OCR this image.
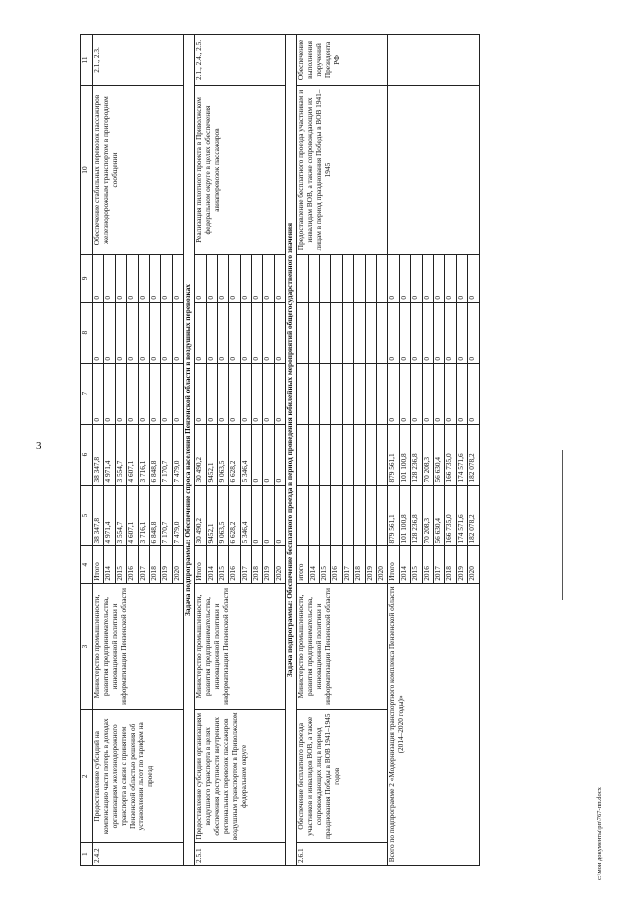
3
c:\мои документы\рп\767-пп.docx
1	2	3	4	5	6	7	8	9	10	11
2.4.2	Предоставление субсидий на компенсацию части потерь в доходах организациям железнодорожного транспорта в связи с принятием Пензенской областью решения об установлении льгот по тарифам на проезд	Министерство промышленности, развития предпринимательства, инновационной политики и информатизации Пензенской области	Итого	38 347,8	38 347,8	0	0	0	Обеспечение стабильных перевозок пассажиров железнодорожным транспортом в пригородном сообщении	2.1., 2.3.
			2014	4 971,4	4 971,4	0	0	0		
			2015	3 554,7	3 554,7	0	0	0		
			2016	4 607,1	4 607,1	0	0	0		
			2017	3 716,1	3 716,1	0	0	0		
			2018	6 848,8	6 848,8	0	0	0		
			2019	7 170,7	7 170,7	0	0	0		
			2020	7 479,0	7 479,0	0	0	0		
Задача подпрограммы: Обеспечение спроса населения Пензенской области в воздушных перевозках										
2.5.1	Предоставление субсидии организациям воздушного транспорта в целях обеспечения доступности внутренних региональных перевозок пассажиров воздушным транспортом в Приволжском федеральном округе	Министерство промышленности, развития предпринимательства, инновационной политики и информатизации Пензенской области	Итого	30 490,2	30 490,2	0	0	0	Реализация пилотного проекта в Приволжском федеральном округе в целях обеспечения авиаперевозок пассажиров	2.1., 2.4., 2.5.
			2014	9452,1	9452,1	0	0	0		
			2015	9 063,5	9 063,5	0	0	0		
			2016	6 628,2	6 628,2	0	0	0		
			2017	5 346,4	5 346,4	0	0	0		
			2018	0	0	0	0	0		
			2019	0	0	0	0	0		
			2020	0	0	0	0	0		
Задача подпрограммы: Обеспечение бесплатного проезда в период проведения юбилейных мероприятий общегосударственного значения										
2.6.1	Обеспечение бесплатного проезда участников и инвалидов ВОВ, а также сопровождающих лиц в период празднования Победы в ВОВ 1941–1945 годов	Министерство промышленности, развития предпринимательства, инновационной политики и информатизации Пензенской области	итого						Предоставление бесплатного проезда участникам и инвалидам ВОВ, а также сопровождающим их лицам в период празднования Победы в ВОВ 1941–1945	Обеспечение выполнения поручений Президента РФ
			2014							
			2015							
			2016							
			2017							
			2018							
			2019							
			2020							
Всего по подпрограмме 2 «Модернизация транспортного комплекса Пензенской области (2014–2020 годы)»			Итого	879 561,1	879 561,1	0	0	0		
			2014	101 100,8	101 100,8	0	0	0		
			2015	128 236,8	128 236,8	0	0	0		
			2016	70 208,3	70 208,3	0	0	0		
			2017	56 630,4	56 630,4	0	0	0		
			2018	166 735,0	166 735,0	0	0	0		
			2019	174 571,6	174 571,6	0	0	0		
			2020	182 078,2	182 078,2	0	0	0		
